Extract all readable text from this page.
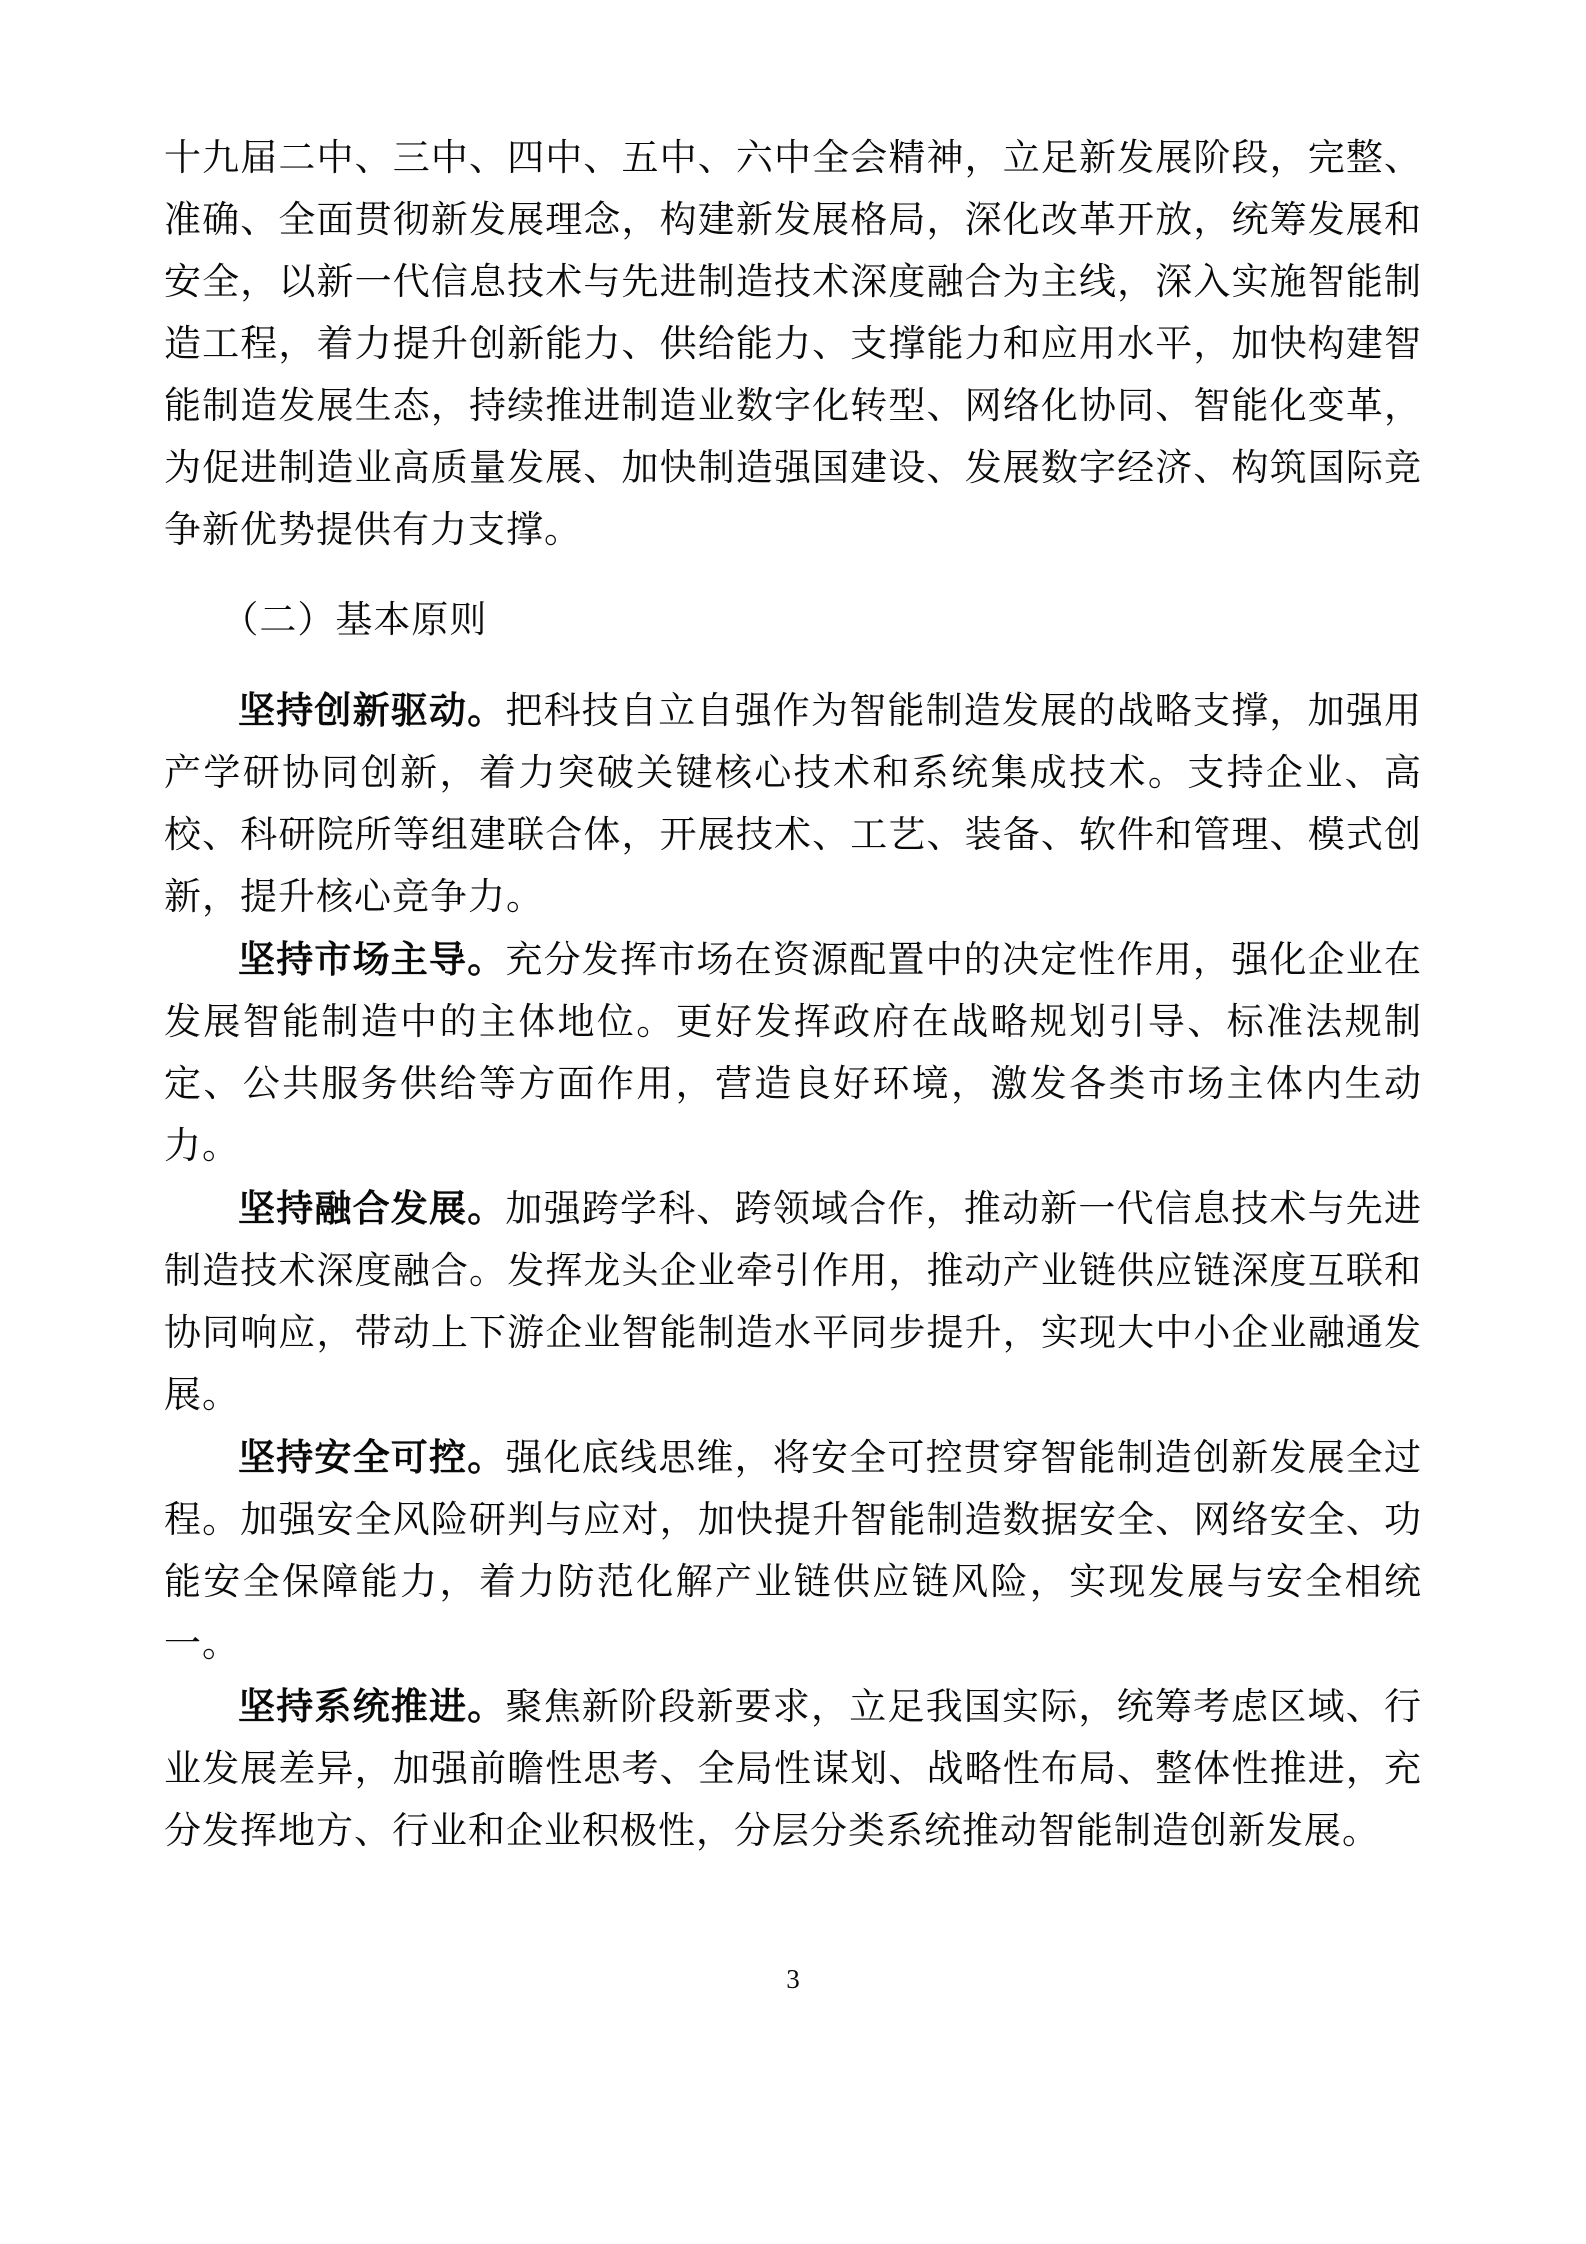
十九届二中、三中、四中、五中、六中全会精神，立足新发展阶段，完整、准确、全面贯彻新发展理念，构建新发展格局，深化改革开放，统筹发展和安全，以新一代信息技术与先进制造技术深度融合为主线，深入实施智能制造工程，着力提升创新能力、供给能力、支撑能力和应用水平，加快构建智能制造发展生态，持续推进制造业数字化转型、网络化协同、智能化变革，为促进制造业高质量发展、加快制造强国建设、发展数字经济、构筑国际竞争新优势提供有力支撑。

（二）基本原则

坚持创新驱动。把科技自立自强作为智能制造发展的战略支撑，加强用产学研协同创新，着力突破关键核心技术和系统集成技术。支持企业、高校、科研院所等组建联合体，开展技术、工艺、装备、软件和管理、模式创新，提升核心竞争力。

坚持市场主导。充分发挥市场在资源配置中的决定性作用，强化企业在发展智能制造中的主体地位。更好发挥政府在战略规划引导、标准法规制定、公共服务供给等方面作用，营造良好环境，激发各类市场主体内生动力。

坚持融合发展。加强跨学科、跨领域合作，推动新一代信息技术与先进制造技术深度融合。发挥龙头企业牵引作用，推动产业链供应链深度互联和协同响应，带动上下游企业智能制造水平同步提升，实现大中小企业融通发展。

坚持安全可控。强化底线思维，将安全可控贯穿智能制造创新发展全过程。加强安全风险研判与应对，加快提升智能制造数据安全、网络安全、功能安全保障能力，着力防范化解产业链供应链风险，实现发展与安全相统一。

坚持系统推进。聚焦新阶段新要求，立足我国实际，统筹考虑区域、行业发展差异，加强前瞻性思考、全局性谋划、战略性布局、整体性推进，充分发挥地方、行业和企业积极性，分层分类系统推动智能制造创新发展。

3
